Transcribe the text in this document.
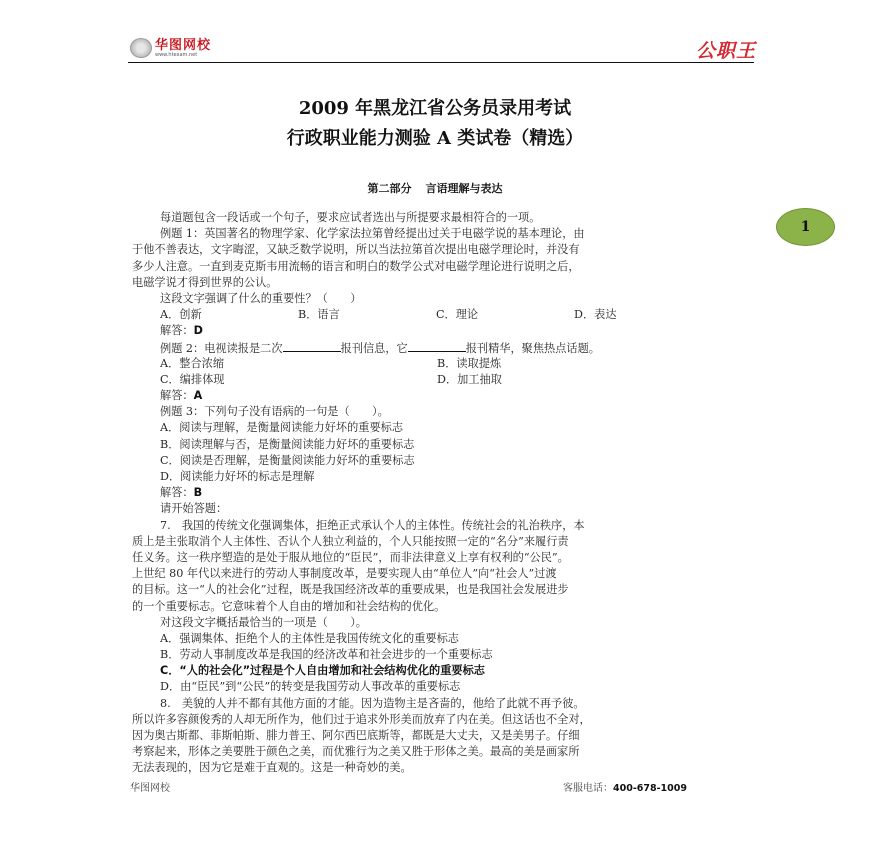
华图网校
www.htexam.net	公职王
2009 年黑龙江省公务员录用考试
行政职业能力测验 A 类试卷（精选）
第二部分 言语理解与表达
1
每道题包含一段话或一个句子，要求应试者选出与所提要求最相符合的一项。
例题 1：英国著名的物理学家、化学家法拉第曾经提出过关于电磁学说的基本理论，由
于他不善表达，文字晦涩，又缺乏数学说明，所以当法拉第首次提出电磁学理论时，并没有
多少人注意。一直到麦克斯韦用流畅的语言和明白的数学公式对电磁学理论进行说明之后，
电磁学说才得到世界的公认。
这段文字强调了什么的重要性？（　　）
A．创新	B．语言	C．理论	D．表达
解答：D
例题 2：电视读报是二次	报刊信息，它	报刊精华，聚焦热点话题。
A．整合浓缩	B．读取提炼
C．编排体现	D．加工抽取
解答：A
例题 3：下列句子没有语病的一句是（　　）。
A．阅读与理解，是衡量阅读能力好坏的重要标志
B．阅读理解与否，是衡量阅读能力好坏的重要标志
C．阅读是否理解，是衡量阅读能力好坏的重要标志
D．阅读能力好坏的标志是理解
解答：B
请开始答题：
7.　我国的传统文化强调集体，拒绝正式承认个人的主体性。传统社会的礼治秩序，本
质上是主张取消个人主体性、否认个人独立利益的，个人只能按照一定的“名分”来履行责
任义务。这一秩序塑造的是处于服从地位的“臣民”，而非法律意义上享有权利的“公民”。
上世纪 80 年代以来进行的劳动人事制度改革，是要实现人由“单位人”向“社会人”过渡
的目标。这一“人的社会化”过程，既是我国经济改革的重要成果，也是我国社会发展进步
的一个重要标志。它意味着个人自由的增加和社会结构的优化。
对这段文字概括最恰当的一项是（　　）。
A．强调集体、拒绝个人的主体性是我国传统文化的重要标志
B．劳动人事制度改革是我国的经济改革和社会进步的一个重要标志
C．“人的社会化”过程是个人自由增加和社会结构优化的重要标志
D．由“臣民”到“公民”的转变是我国劳动人事改革的重要标志
8.　美貌的人并不都有其他方面的才能。因为造物主是吝啬的，他给了此就不再予彼。
所以许多容颜俊秀的人却无所作为，他们过于追求外形美而放弃了内在美。但这话也不全对，
因为奥古斯都、菲斯帕斯、腓力普王、阿尔西巴底斯等，都既是大丈夫，又是美男子。仔细
考察起来，形体之美要胜于颜色之美，而优雅行为之美又胜于形体之美。最高的美是画家所
无法表现的，因为它是难于直观的。这是一种奇妙的美。
华图网校	客服电话：400-678-1009
